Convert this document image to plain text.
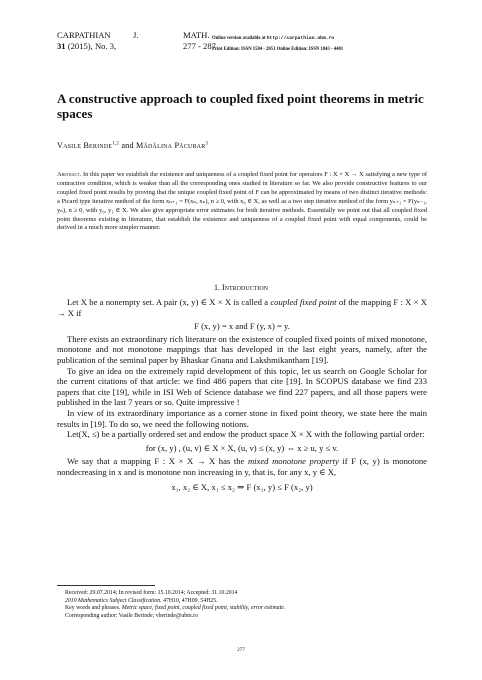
CARPATHIAN	J.	MATH.
31 (2015), No. 3,	277 - 287
Online version available at http://carpathian.ubm.ro
Print Edition: ISSN 1584 - 2851 Online Edition: ISSN 1843 - 4401
A constructive approach to coupled fixed point theorems in metric spaces
Vasile Berinde$^{1,2}$ and Mădălina Păcurar$^3$
Abstract. In this paper we establish the existence and uniqueness of a coupled fixed point for operators F : X × X → X satisfying a new type of contractive condition, which is weaker than all the corresponding ones studied in literature so far. We also provide constructive features to our coupled fixed point results by proving that the unique coupled fixed point of F can be approximated by means of two distinct iterative methods: a Picard type iterative method of the form xₙ₊₁ = F(xₙ, xₙ), n ≥ 0, with x₀ ∈ X, as well as a two step iterative method of the form yₙ₊₁ = F(yₙ₋₁, yₙ), n ≥ 0, with y₀, y₁ ∈ X. We also give appropriate error estimates for both iterative methods. Essentially we point out that all coupled fixed point theorems existing in literature, that establish the existence and uniqueness of a coupled fixed point with equal components, could be derived in a much more simpler manner.
1. Introduction

Let X be a nonempty set. A pair (x, y) ∈ X × X is called a coupled fixed point of the mapping F : X × X → X if

F (x, y) = x and F (y, x) = y.

There exists an extraordinary rich literature on the existence of coupled fixed points of mixed monotone, monotone and not monotone mappings that has developed in the last eight years, namely, after the publication of the seminal paper by Bhaskar Gnana and Lakshmikantham [19].

To give an idea on the extremely rapid development of this topic, let us search on Google Scholar for the current citations of that article: we find 486 papers that cite [19]. In SCOPUS database we find 233 papers that cite [19], while in ISI Web of Science database we find 227 papers, and all those papers were published in the last 7 years or so. Quite impressive !

In view of its extraordinary importance as a corner stone in fixed point theory, we state here the main results in [19]. To do so, we need the following notions.

Let(X, ≤) be a partially ordered set and endow the product space X × X with the following partial order:

for (x, y) , (u, v) ∈ X × X, (u, v) ≤ (x, y) ⇔ x ≥ u, y ≤ v.

We say that a mapping F : X × X → X has the mixed monotone property if F (x, y) is monotone nondecreasing in x and is monotone non increasing in y, that is, for any x, y ∈ X,

x₁, x₂ ∈ X, x₁ ≤ x₂ ⇒ F (x₁, y) ≤ F (x₂, y)

Received: 29.07.2014; In revised form: 15.10.2014; Accepted: 31.10.2014
2010 Mathematics Subject Classification. 47H10, 47H09, 54H25.
Key words and phrases. Metric space, fixed point, coupled fixed point, stability, error estimate.
Corresponding author: Vasile Berinde; vberinde@ubm.ro
277
